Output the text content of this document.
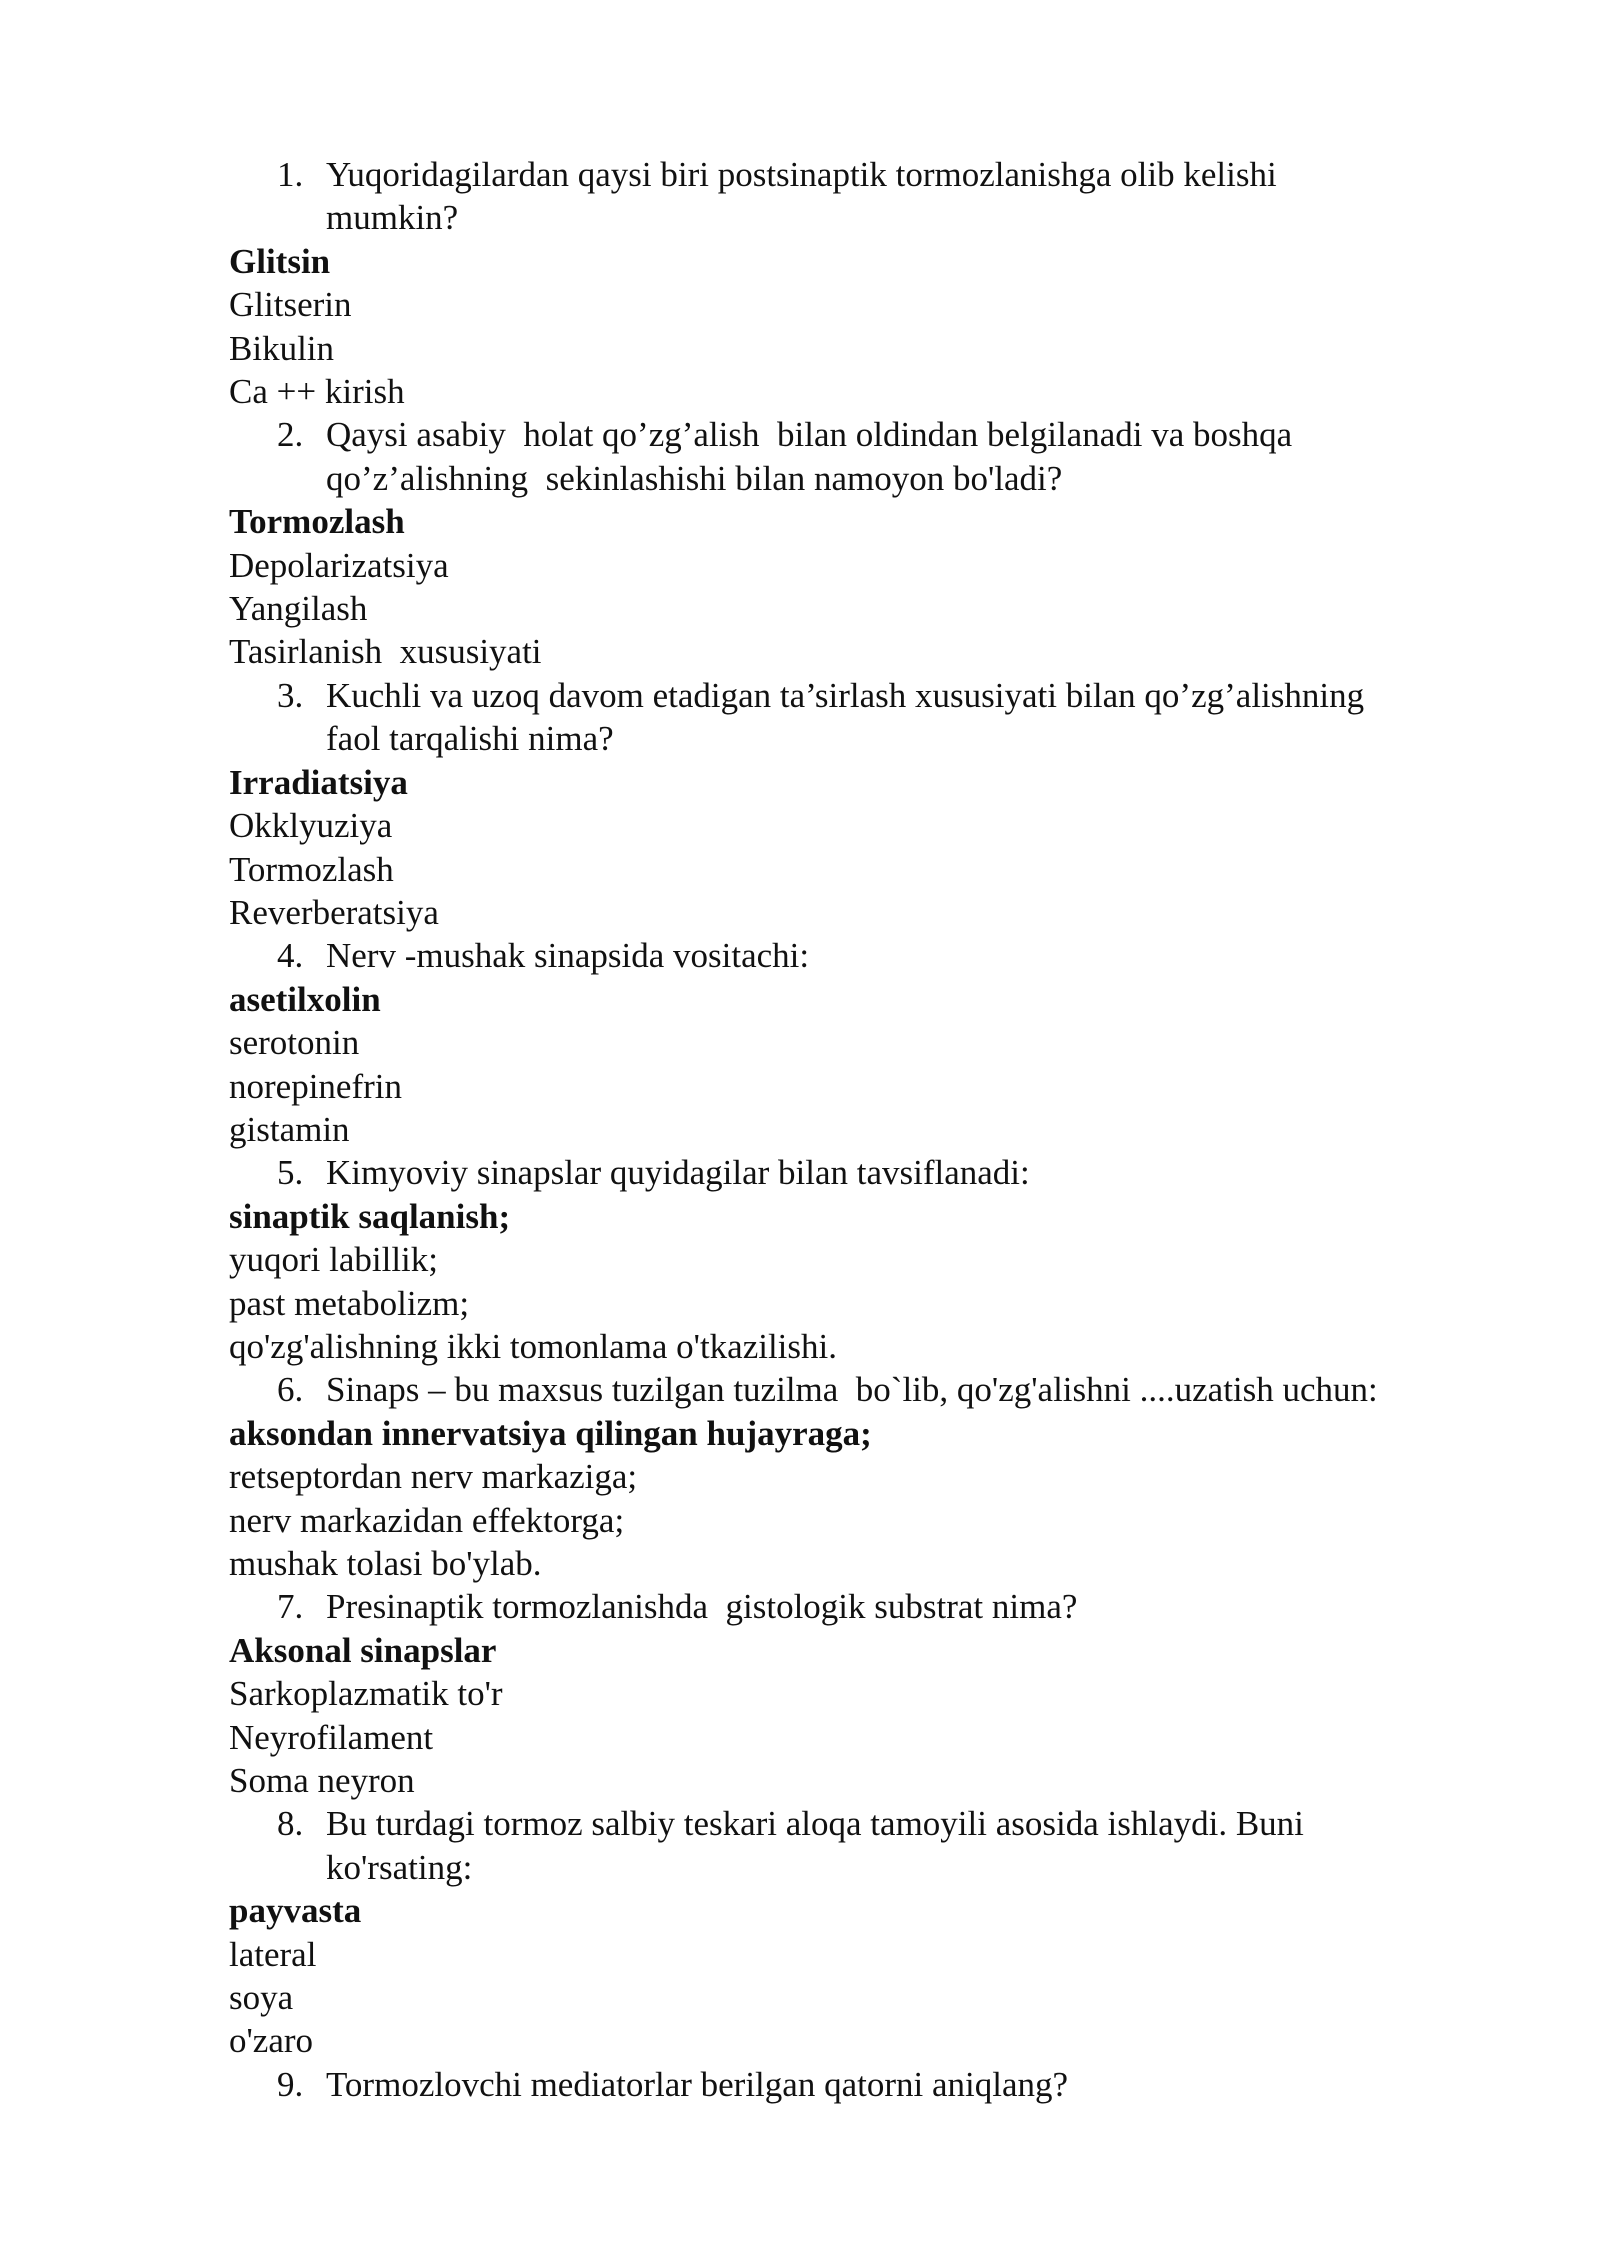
1. Yuqoridagilardan qaysi biri postsinaptik tormozlanishga olib kelishi
mumkin?
Glitsin
Glitserin
Bikulin
Ca ++ kirish
2. Qaysi asabiy  holat qo’zg’alish  bilan oldindan belgilanadi va boshqa
qo’z’alishning  sekinlashishi bilan namoyon bo'ladi?
Tormozlash
Depolarizatsiya
Yangilash
Tasirlanish  xususiyati
3. Kuchli va uzoq davom etadigan ta’sirlash xususiyati bilan qo’zg’alishning
faol tarqalishi nima?
Irradiatsiya
Okklyuziya
Tormozlash
Reverberatsiya
4. Nerv -mushak sinapsida vositachi:
asetilxolin
serotonin
norepinefrin
gistamin
5. Kimyoviy sinapslar quyidagilar bilan tavsiflanadi:
sinaptik saqlanish;
yuqori labillik;
past metabolizm;
qo'zg'alishning ikki tomonlama o'tkazilishi.
6. Sinaps – bu maxsus tuzilgan tuzilma  bo`lib, qo'zg'alishni ....uzatish uchun:
aksondan innervatsiya qilingan hujayraga;
retseptordan nerv markaziga;
nerv markazidan effektorga;
mushak tolasi bo'ylab.
7. Presinaptik tormozlanishda  gistologik substrat nima?
Aksonal sinapslar
Sarkoplazmatik to'r
Neyrofilament
Soma neyron
8. Bu turdagi tormoz salbiy teskari aloqa tamoyili asosida ishlaydi. Buni
ko'rsating:
payvasta
lateral
soya
o'zaro
9. Tormozlovchi mediatorlar berilgan qatorni aniqlang?
